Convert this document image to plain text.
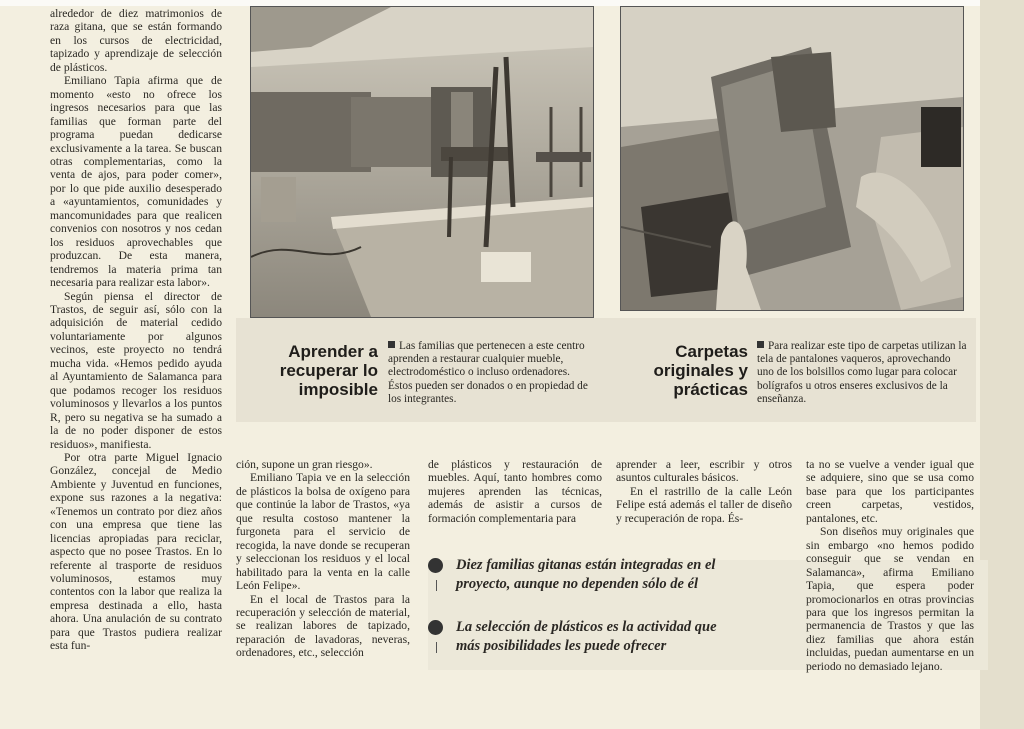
alrededor de diez matrimonios de raza gitana, que se están formando en los cursos de electricidad, tapizado y aprendizaje de selección de plásticos.

Emiliano Tapia afirma que de momento «esto no ofrece los ingresos necesarios para que las familias que forman parte del programa puedan dedicarse exclusivamente a la tarea. Se buscan otras complementarias, como la venta de ajos, para poder comer», por lo que pide auxilio desesperado a «ayuntamientos, comunidades y mancomunidades para que realicen convenios con nosotros y nos cedan los residuos aprovechables que produzcan. De esta manera, tendremos la materia prima tan necesaria para realizar esta labor».

Según piensa el director de Trastos, de seguir así, sólo con la adquisición de material cedido voluntariamente por algunos vecinos, este proyecto no tendrá mucha vida. «Hemos pedido ayuda al Ayuntamiento de Salamanca para que podamos recoger los residuos voluminosos y llevarlos a los puntos R, pero su negativa se ha sumado a la de no poder disponer de estos residuos», manifiesta.

Por otra parte Miguel Ignacio González, concejal de Medio Ambiente y Juventud en funciones, expone sus razones a la negativa: «Tenemos un contrato por diez años con una empresa que tiene las licencias apropiadas para reciclar, aspecto que no posee Trastos. En lo referente al trasporte de residuos voluminosos, estamos muy contentos con la labor que realiza la empresa destinada a ello, hasta ahora. Una anulación de su contrato para que Trastos pudiera realizar esta fun-

Aprender a
recuperar lo
imposible
Las familias que pertenecen a este centro aprenden a restaurar cualquier mueble, electrodoméstico o incluso ordenadores. Éstos pueden ser donados o en propiedad de los integrantes.
Carpetas
originales y
prácticas
Para realizar este tipo de carpetas utilizan la tela de pantalones vaqueros, aprovechando uno de los bolsillos como lugar para colocar bolígrafos u otros enseres exclusivos de la enseñanza.

ción, supone un gran riesgo».

Emiliano Tapia ve en la selección de plásticos la bolsa de oxígeno para que continúe la labor de Trastos, «ya que resulta costoso mantener la furgoneta para el servicio de recogida, la nave donde se recuperan y seleccionan los residuos y el local habilitado para la venta en la calle León Felipe».

En el local de Trastos para la recuperación y selección de material, se realizan labores de tapizado, reparación de lavadoras, neveras, ordenadores, etc., selección

de plásticos y restauración de muebles. Aquí, tanto hombres como mujeres aprenden las técnicas, además de asistir a cursos de formación complementaria para

aprender a leer, escribir y otros asuntos culturales básicos.

En el rastrillo de la calle León Felipe está además el taller de diseño y recuperación de ropa. És-

ta no se vuelve a vender igual que se adquiere, sino que se usa como base para que los participantes creen carpetas, vestidos, pantalones, etc.

Son diseños muy originales que sin embargo «no hemos podido conseguir que se vendan en Salamanca», afirma Emiliano Tapia, que espera poder promocionarlos en otras provincias para que los ingresos permitan la permanencia de Trastos y que las diez familias que ahora están incluidas, puedan aumentarse en un periodo no demasiado lejano.

Diez familias gitanas están integradas en el
proyecto, aunque no dependen sólo de él
La selección de plásticos es la actividad que
más posibilidades les puede ofrecer
